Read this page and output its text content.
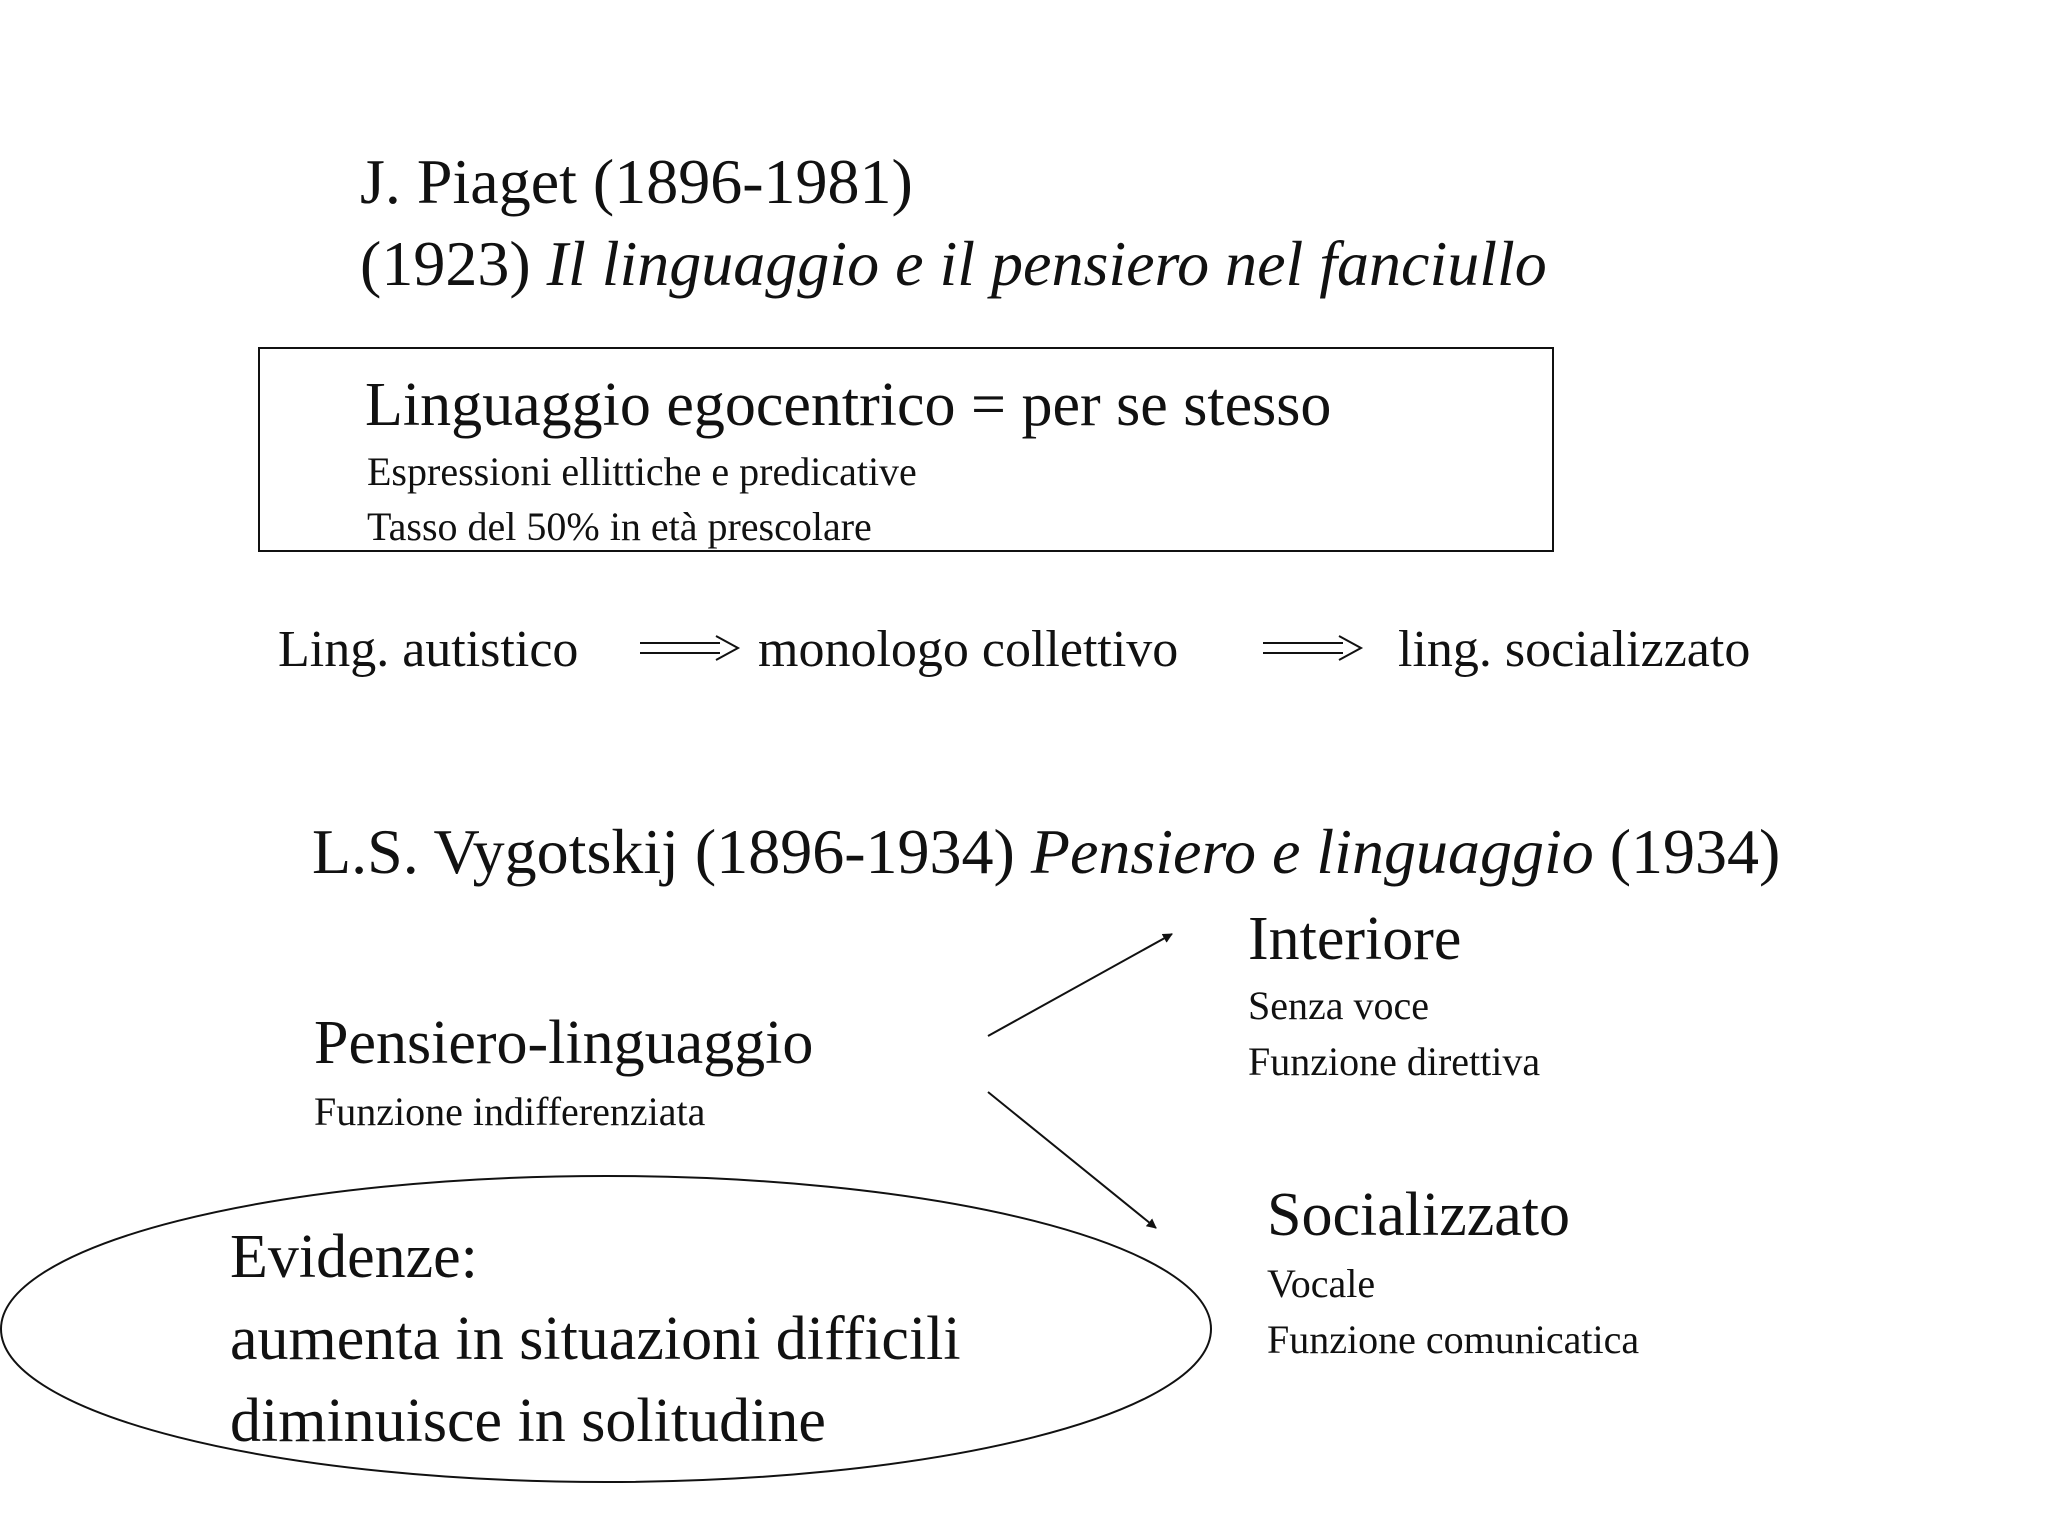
J. Piaget (1896-1981)
(1923) Il linguaggio e il pensiero nel fanciullo
Linguaggio egocentrico = per se stesso
Espressioni ellittiche e predicative
Tasso del 50% in età prescolare
Ling. autistico	monologo collettivo	ling. socializzato
L.S. Vygotskij (1896-1934) Pensiero e linguaggio (1934)
Pensiero-linguaggio
Funzione indifferenziata
Interiore
Senza voce
Funzione direttiva
Socializzato
Vocale
Funzione comunicatica
Evidenze:
aumenta in situazioni difficili
diminuisce in solitudine
